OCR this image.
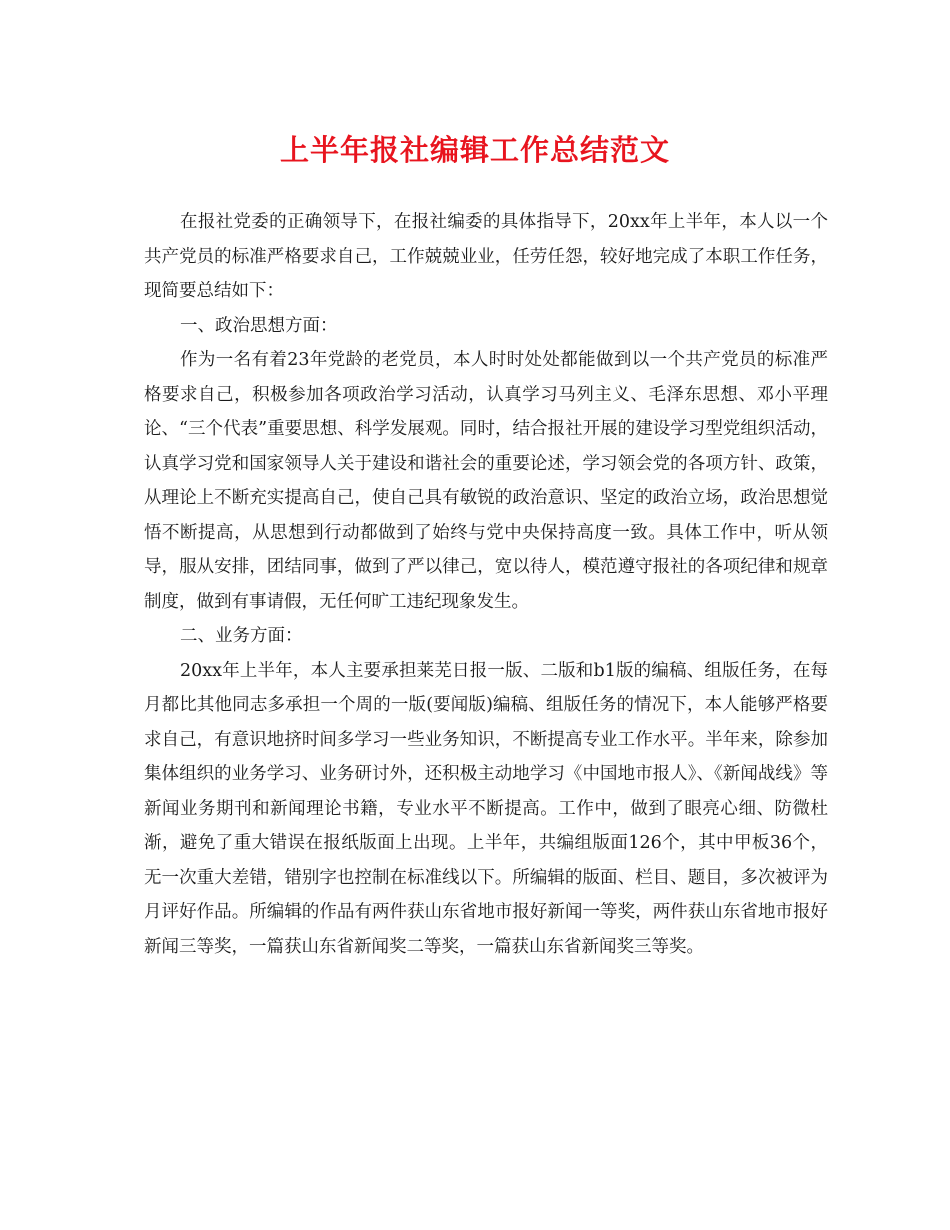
上半年报社编辑工作总结范文

在报社党委的正确领导下，在报社编委的具体指导下，20xx年上半年，本人以一个共产党员的标准严格要求自己，工作兢兢业业，任劳任怨，较好地完成了本职工作任务，现简要总结如下：

一、政治思想方面：

作为一名有着23年党龄的老党员，本人时时处处都能做到以一个共产党员的标准严格要求自己，积极参加各项政治学习活动，认真学习马列主义、毛泽东思想、邓小平理论、“三个代表”重要思想、科学发展观。同时，结合报社开展的建设学习型党组织活动，认真学习党和国家领导人关于建设和谐社会的重要论述，学习领会党的各项方针、政策，从理论上不断充实提高自己，使自己具有敏锐的政治意识、坚定的政治立场，政治思想觉悟不断提高，从思想到行动都做到了始终与党中央保持高度一致。具体工作中，听从领导，服从安排，团结同事，做到了严以律己，宽以待人，模范遵守报社的各项纪律和规章制度，做到有事请假，无任何旷工违纪现象发生。

二、业务方面：

20xx年上半年，本人主要承担莱芜日报一版、二版和b1版的编稿、组版任务，在每月都比其他同志多承担一个周的一版(要闻版)编稿、组版任务的情况下，本人能够严格要求自己，有意识地挤时间多学习一些业务知识，不断提高专业工作水平。半年来，除参加集体组织的业务学习、业务研讨外，还积极主动地学习《中国地市报人》、《新闻战线》等新闻业务期刊和新闻理论书籍，专业水平不断提高。工作中，做到了眼亮心细、防微杜渐，避免了重大错误在报纸版面上出现。上半年，共编组版面126个，其中甲板36个，无一次重大差错，错别字也控制在标准线以下。所编辑的版面、栏目、题目，多次被评为月评好作品。所编辑的作品有两件获山东省地市报好新闻一等奖，两件获山东省地市报好新闻三等奖，一篇获山东省新闻奖二等奖，一篇获山东省新闻奖三等奖。
